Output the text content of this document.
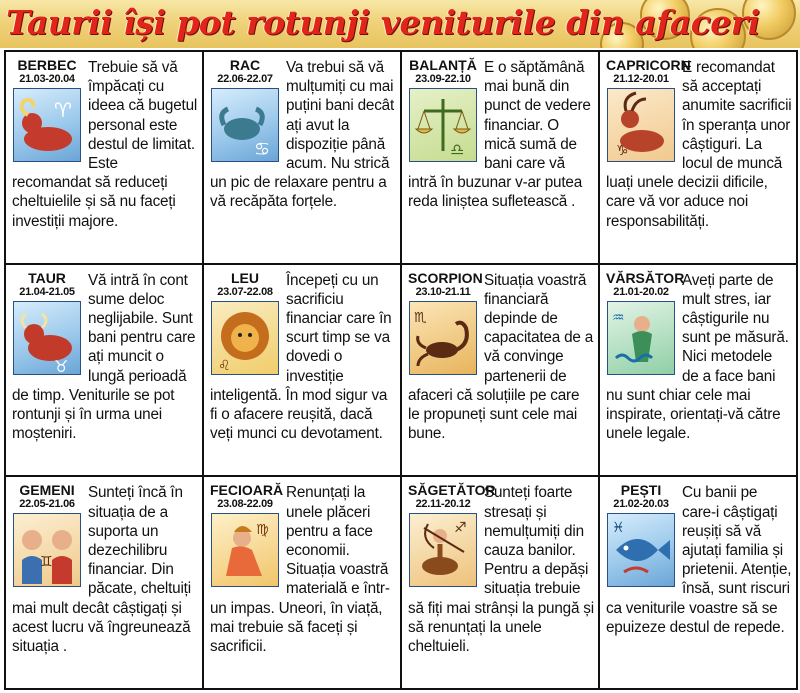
Taurii își pot rotunji veniturile din afaceri
BERBEC
21.03-20.04
♈
Trebuie să vă împăcați cu ideea că bugetul personal este destul de limitat. Este recomandat să reduceți cheltuielile și să nu faceți investiții majore.
RAC
22.06-22.07
♋
Va trebui să vă mulțumiți cu mai puțini bani decât ați avut la dispoziție până acum. Nu strică un pic de relaxare pentru a vă recăpăta forțele.
BALANȚĂ
23.09-22.10
♎
E o săptămână mai bună din punct de vedere financiar. O mică sumă de bani care vă intră în buzunar v-ar putea reda liniștea sufletească .
CAPRICORN
21.12-20.01
♑
E recomandat să acceptați anumite sacrificii în speranța unor câștiguri. La locul de muncă luați unele decizii dificile, care vă vor aduce noi responsabilități.
TAUR
21.04-21.05
♉
Vă intră în cont sume deloc neglijabile. Sunt bani pentru care ați muncit o lungă perioadă de timp. Veniturile se pot rontunji și în urma unei moșteniri.
LEU
23.07-22.08
♌
Începeți cu un sacrificiu financiar care în scurt timp se va dovedi o investiție inteligentă. În mod sigur va fi o afacere reușită, dacă veți munci cu devotament.
SCORPION
23.10-21.11
♏
Situația voastră financiară depinde de capacitatea de a vă convinge partenerii de afaceri că soluțiile pe care le propuneți sunt cele mai bune.
VĂRSĂTOR
21.01-20.02
♒
Aveți parte de mult stres, iar câștigurile nu sunt pe măsură. Nici metodele de a face bani nu sunt chiar cele mai inspirate, orientați-vă către unele legale.
GEMENI
22.05-21.06
♊
Sunteți încă în situația de a suporta un dezechilibru financiar. Din păcate, cheltuiți mai mult decât câștigați și acest lucru vă îngreunează situația .
FECIOARĂ
23.08-22.09
♍
Renunțați la unele plăceri pentru a face economii. Situația voastră materială e într-un impas. Uneori, în viață, mai trebuie să faceți și sacrificii.
SĂGETĂTOR
22.11-20.12
♐
Sunteți foarte stresați și nemulțumiți din cauza banilor. Pentru a depăși situația trebuie să fiți mai strânși la pungă și să renunțați la unele cheltuieli.
PEȘTI
21.02-20.03
♓
Cu banii pe care-i câștigați reușiți să vă ajutați familia și prietenii. Atenție, însă, sunt riscuri ca veniturile voastre să se epuizeze destul de repede.
